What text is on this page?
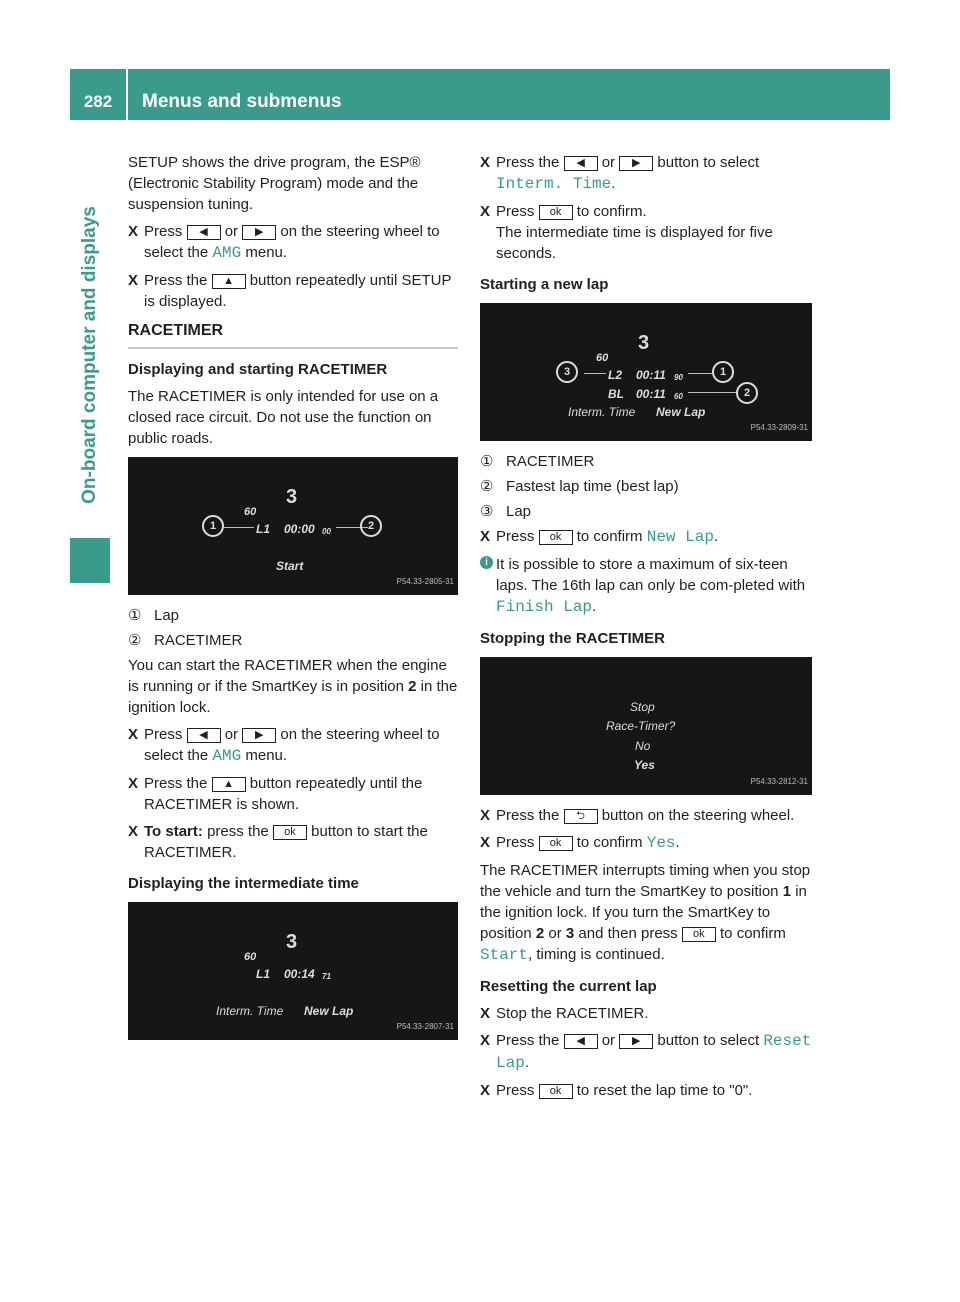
282	Menus and submenus
On-board computer and displays

SETUP shows the drive program, the ESP® (Electronic Stability Program) mode and the suspension tuning.

X Press ◀ or ▶ on the steering wheel to select the AMG menu.
X Press the ▲ button repeatedly until SETUP is displayed.
RACETIMER
Displaying and starting RACETIMER

The RACETIMER is only intended for use on a closed race circuit. Do not use the function on public roads.

60
3
L1 00:00 00
1	2
Start
P54.33-2805-31
① Lap
② RACETIMER

You can start the RACETIMER when the engine is running or if the SmartKey is in position 2 in the ignition lock.

X Press ◀ or ▶ on the steering wheel to select the AMG menu.
X Press the ▲ button repeatedly until the RACETIMER is shown.
X To start: press the ok button to start the RACETIMER.
Displaying the intermediate time
60
3
L1 00:14 71
Interm. Time New Lap
P54.33-2807-31
X Press the ◀ or ▶ button to select Interm. Time.
X Press ok to confirm.
The intermediate time is displayed for five seconds.
Starting a new lap
60
3
L2 00:11 90
BL 00:11 60
3	1
2
Interm. Time New Lap
P54.33-2809-31
① RACETIMER
② Fastest lap time (best lap)
③ Lap
X Press ok to confirm New Lap.
i It is possible to store a maximum of six-teen laps. The 16th lap can only be com-pleted with Finish Lap.
Stopping the RACETIMER
Stop
Race-Timer?
No
Yes
P54.33-2812-31
X Press the ⮌ button on the steering wheel.
X Press ok to confirm Yes.

The RACETIMER interrupts timing when you stop the vehicle and turn the SmartKey to position 1 in the ignition lock. If you turn the SmartKey to position 2 or 3 and then press ok to confirm Start, timing is continued.

Resetting the current lap
X Stop the RACETIMER.
X Press the ◀ or ▶ button to select Reset Lap.
X Press ok to reset the lap time to "0".
